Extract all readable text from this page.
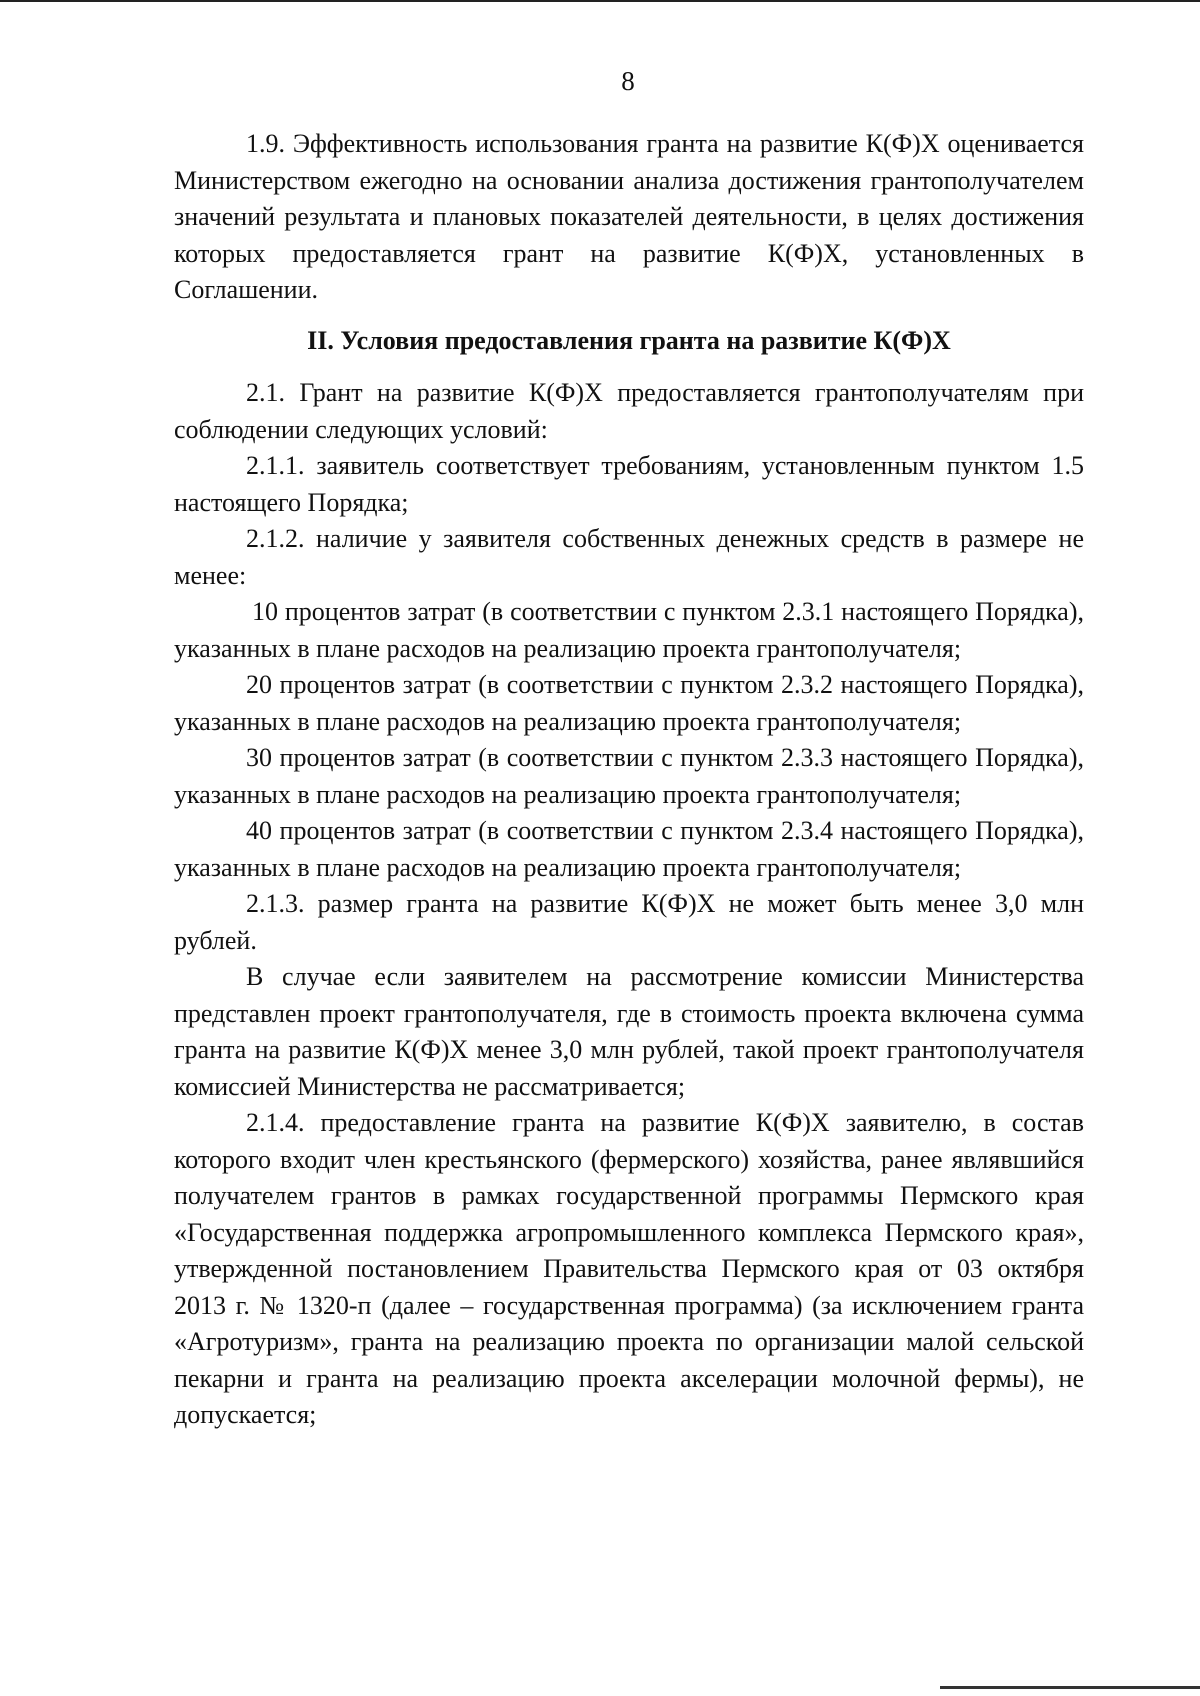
8

1.9. Эффективность использования гранта на развитие К(Ф)Х оценивается Министерством ежегодно на основании анализа достижения грантополучателем значений результата и плановых показателей деятельности, в целях достижения которых предоставляется грант на развитие К(Ф)Х, установленных в Соглашении.

II. Условия предоставления гранта на развитие К(Ф)Х

2.1. Грант на развитие К(Ф)Х предоставляется грантополучателям при соблюдении следующих условий:

2.1.1. заявитель соответствует требованиям, установленным пунктом 1.5 настоящего Порядка;

2.1.2. наличие у заявителя собственных денежных средств в размере не менее:

10 процентов затрат (в соответствии с пунктом 2.3.1 настоящего Порядка), указанных в плане расходов на реализацию проекта грантополучателя;

20 процентов затрат (в соответствии с пунктом 2.3.2 настоящего Порядка), указанных в плане расходов на реализацию проекта грантополучателя;

30 процентов затрат (в соответствии с пунктом 2.3.3 настоящего Порядка), указанных в плане расходов на реализацию проекта грантополучателя;

40 процентов затрат (в соответствии с пунктом 2.3.4 настоящего Порядка), указанных в плане расходов на реализацию проекта грантополучателя;

2.1.3. размер гранта на развитие К(Ф)Х не может быть менее 3,0 млн рублей.

В случае если заявителем на рассмотрение комиссии Министерства представлен проект грантополучателя, где в стоимость проекта включена сумма гранта на развитие К(Ф)Х менее 3,0 млн рублей, такой проект грантополучателя комиссией Министерства не рассматривается;

2.1.4. предоставление гранта на развитие К(Ф)Х заявителю, в состав которого входит член крестьянского (фермерского) хозяйства, ранее являвшийся получателем грантов в рамках государственной программы Пермского края «Государственная поддержка агропромышленного комплекса Пермского края», утвержденной постановлением Правительства Пермского края от 03 октября 2013 г. № 1320-п (далее – государственная программа) (за исключением гранта «Агротуризм», гранта на реализацию проекта по организации малой сельской пекарни и гранта на реализацию проекта акселерации молочной фермы), не допускается;
